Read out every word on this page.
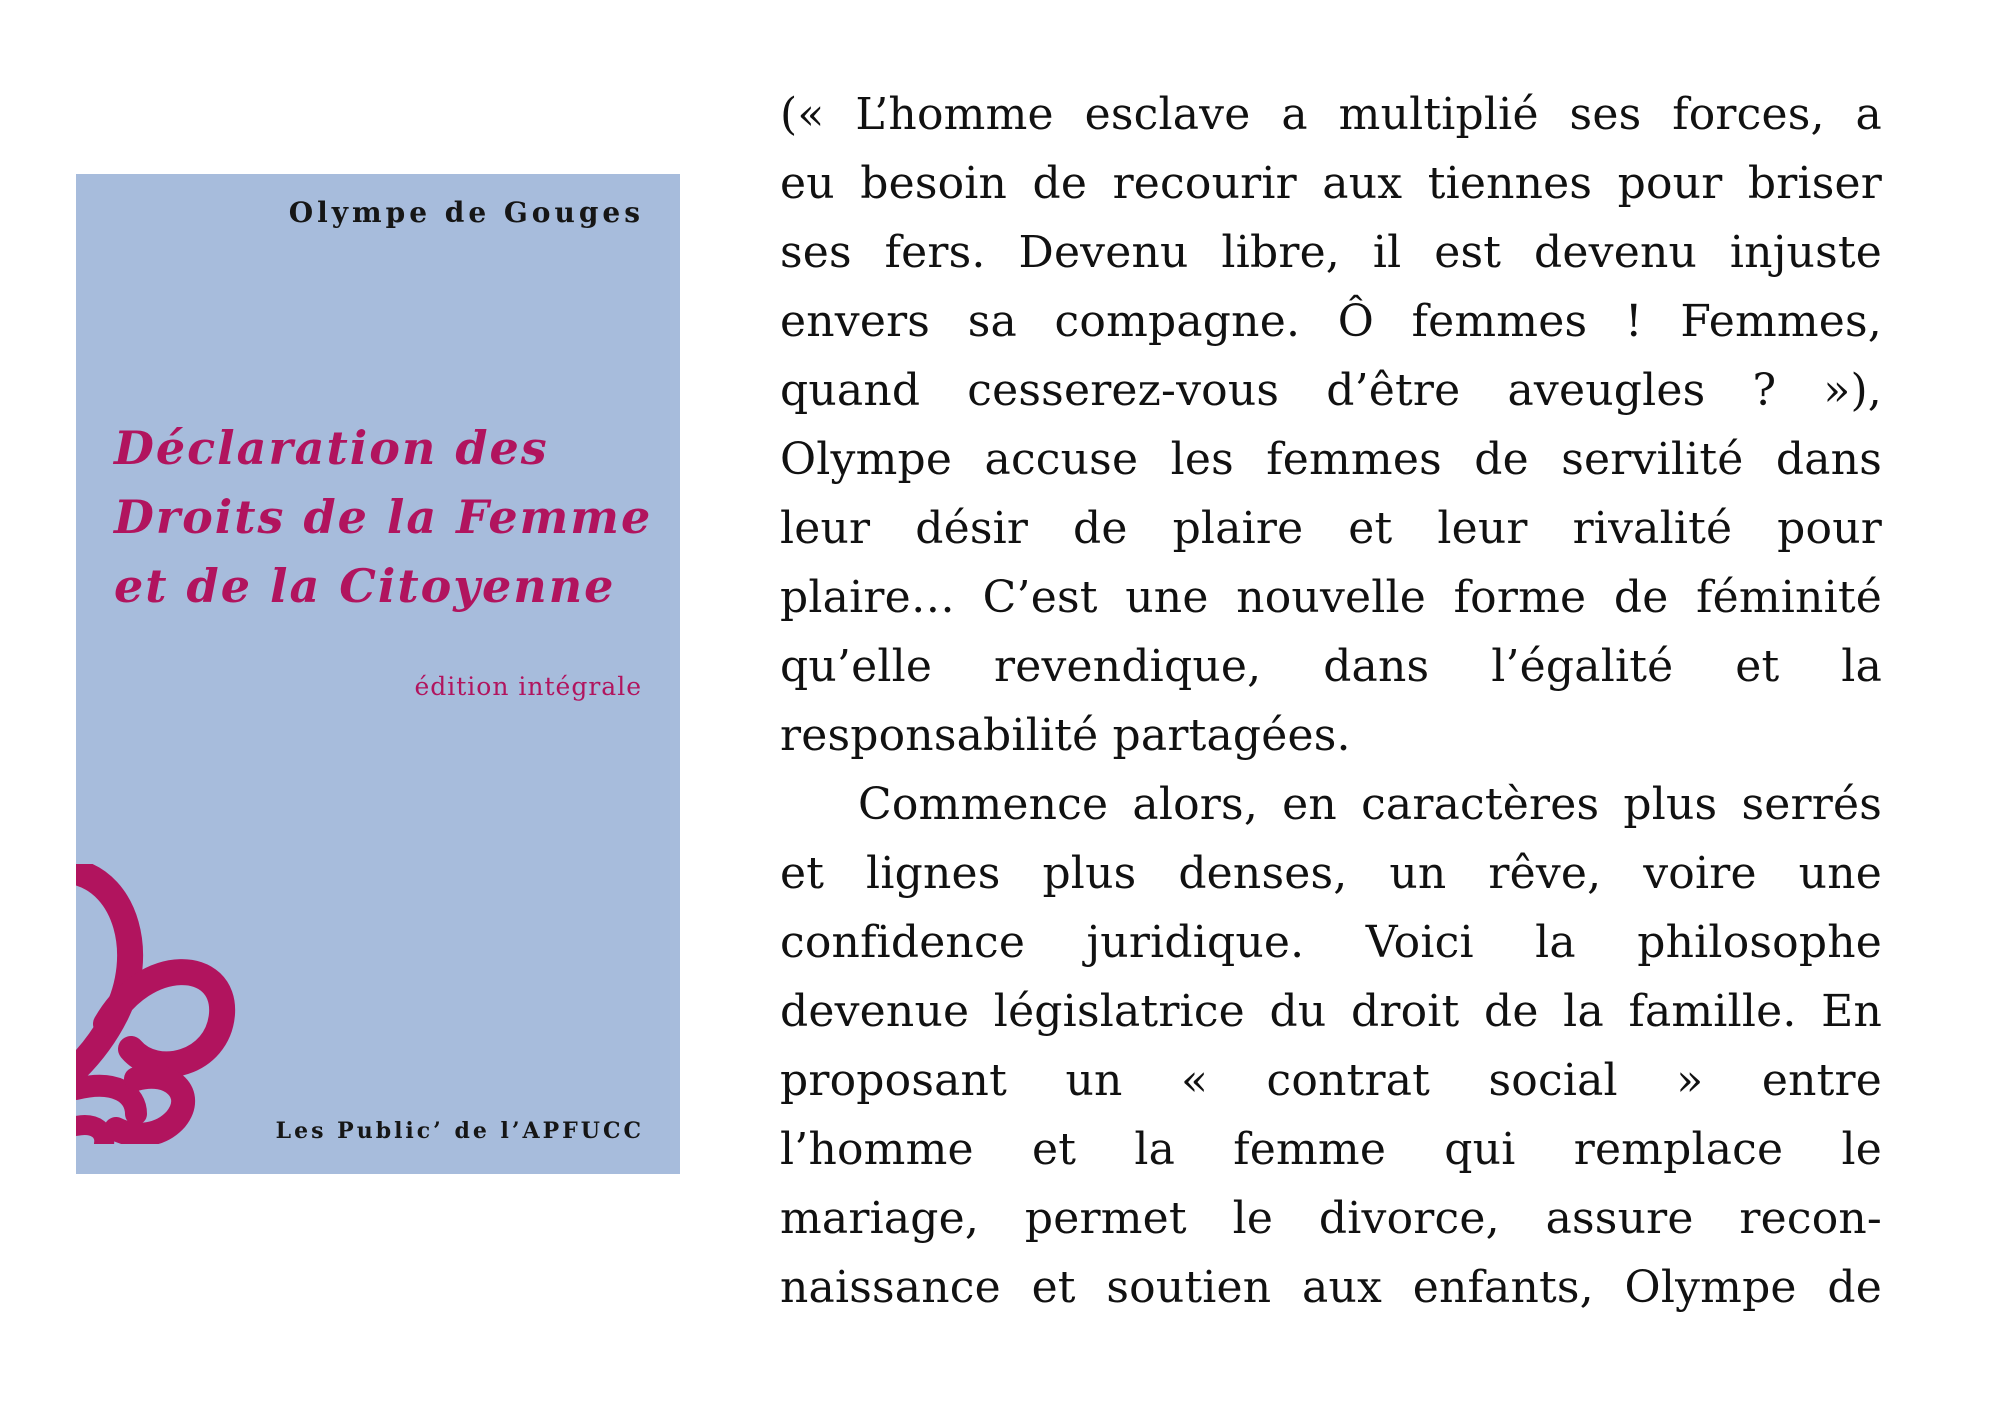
Olympe de Gouges
Déclaration des
Droits de la Femme
et de la Citoyenne
édition intégrale
Les Public’ de l’APFUCC
(« L’homme esclave a multiplié ses forces, a
eu besoin de recourir aux tiennes pour briser
ses fers. Devenu libre, il est devenu injuste
envers sa compagne. Ô femmes ! Femmes,
quand cesserez-vous d’être aveugles ? »),
Olympe accuse les femmes de servilité dans
leur désir de plaire et leur rivalité pour
plaire… C’est une nouvelle forme de féminité
qu’elle revendique, dans l’égalité et la
responsabilité partagées.
Commence alors, en caractères plus serrés
et lignes plus denses, un rêve, voire une
confidence juridique. Voici la philosophe
devenue législatrice du droit de la famille. En
proposant un « contrat social » entre
l’homme et la femme qui remplace le
mariage, permet le divorce, assure recon-
naissance et soutien aux enfants, Olympe de
